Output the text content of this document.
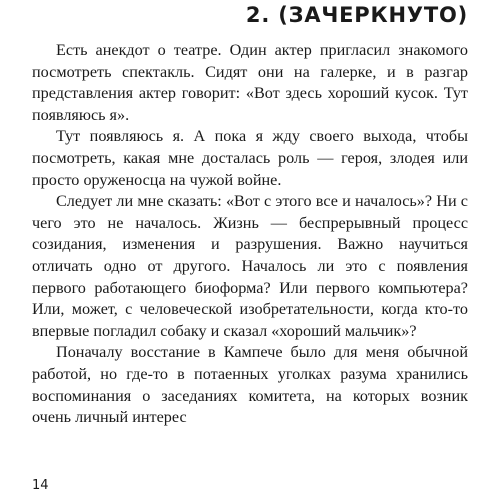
2. (ЗАЧЕРКНУТО)

Есть анекдот о театре. Один актер пригласил знакомого посмотреть спектакль. Сидят они на галерке, и в разгар представления актер говорит: «Вот здесь хороший кусок. Тут появляюсь я».

Тут появляюсь я. А пока я жду своего выхода, чтобы посмотреть, какая мне досталась роль — героя, злодея или просто оруженосца на чужой войне.

Следует ли мне сказать: «Вот с этого все и началось»? Ни с чего это не началось. Жизнь — беспрерывный процесс созидания, изменения и разрушения. Важно научиться отличать одно от другого. Началось ли это с появления первого работающего биоформа? Или первого компьютера? Или, может, с человеческой изобретательности, когда кто-то впервые погладил собаку и сказал «хороший мальчик»?

Поначалу восстание в Кампече было для меня обычной работой, но где-то в потаенных уголках разума хранились воспоминания о заседаниях комитета, на которых возник очень личный интерес

14
